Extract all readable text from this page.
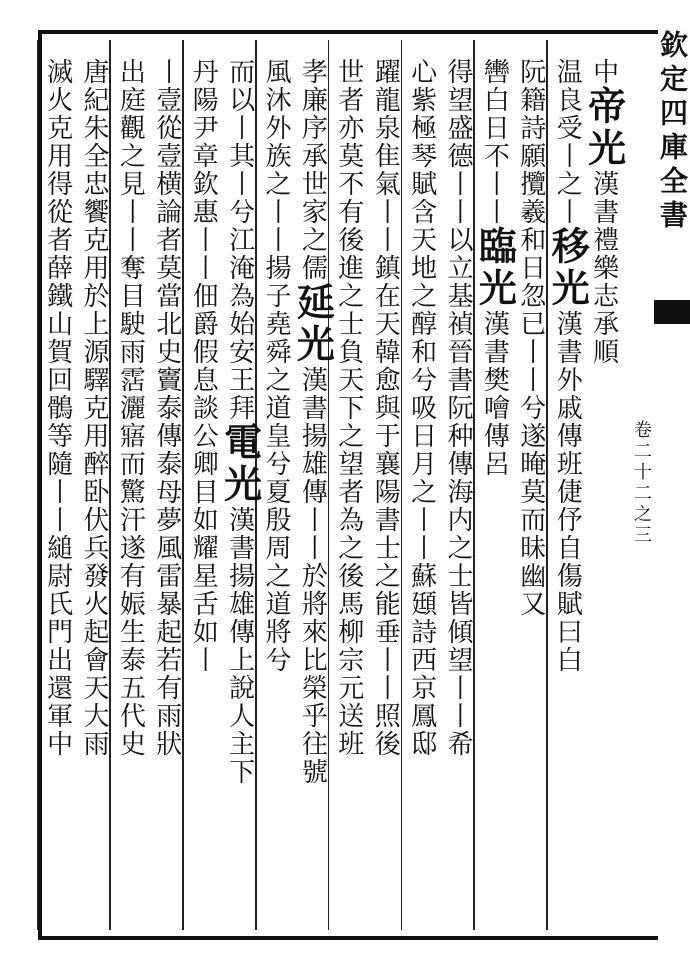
欽定四庫全書
卷二十二之三
中帝光漢書禮樂志承順
温良受丨之丨移光漢書外戚傳班倢伃自傷賦曰白
阮籍詩願攬羲和日忽已丨丨兮遂晻莫而昧幽又
轡白日不丨丨臨光漢書樊噲傳呂
得望盛德丨丨以立基禎晉書阮种傳海内之士皆傾望丨丨希
心紫極琴賦含天地之醇和兮吸日月之丨丨蘇頲詩西京鳳邸
躍龍泉隹氣丨丨鎮在天韓愈與于襄陽書士之能垂丨丨照後
世者亦莫不有後進之士負天下之望者為之後馬柳宗元送班
孝廉序承世家之儒延光漢書揚雄傳丨丨於將來比榮乎往號
風沐外族之丨丨揚子堯舜之道皇兮夏殷周之道將兮
而以丨其丨兮江淹為始安王拜電光漢書揚雄傳上說人主下
丹陽尹章欽惠丨丨佃爵假息談公卿目如耀星舌如丨
丨壹從壹横論者莫當北史竇泰傳泰母夢風雷暴起若有雨狀
出庭觀之見丨丨奪目駛雨霑灑寤而驚汗遂有娠生泰五代史
唐紀朱全忠饗克用於上源驛克用醉卧伏兵發火起會天大雨
滅火克用得從者薛鐵山賀回鶻等隨丨丨縋尉氏門出還軍中
